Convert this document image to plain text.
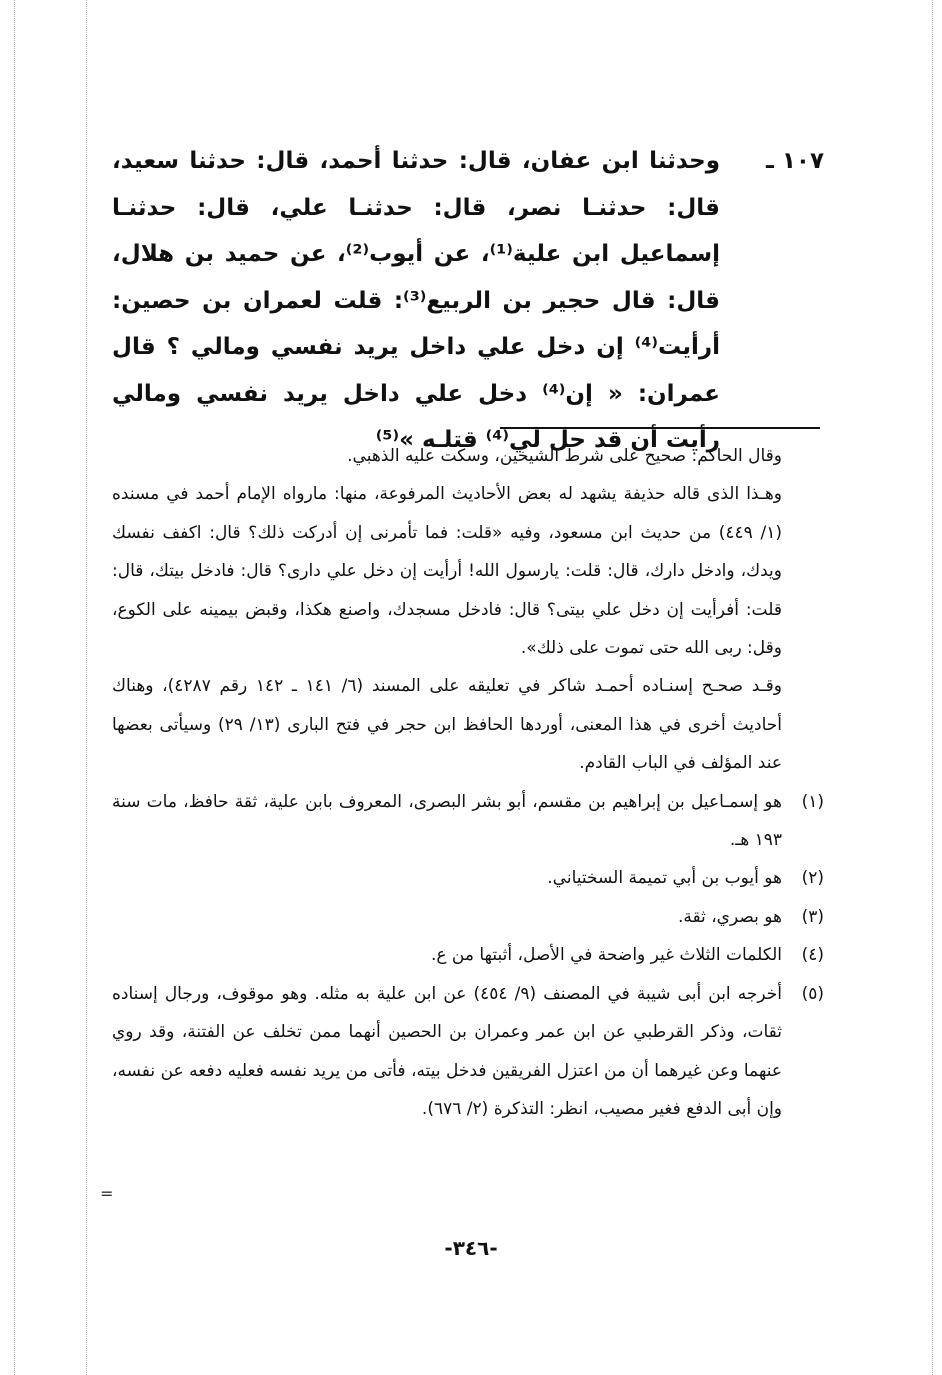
١٠٧ ـ
وحدثنا ابن عفان، قال: حدثنا أحمد، قال: حدثنا سعيد، قال: حدثنـا نصر، قال: حدثنـا علي، قال: حدثنـا إسماعيل ابن علية⁽¹⁾، عن أيوب⁽²⁾، عن حميد بن هلال، قال: قال حجير بن الربيع⁽³⁾: قلت لعمران بن حصين: أرأيت⁽⁴⁾ إن دخل علي داخل يريد نفسي ومالي ؟ قال عمران: « إن⁽⁴⁾ دخل علي داخل يريد نفسي ومالي رأيت أن قد حل لي⁽⁴⁾ قتلـه »⁽⁵⁾

وقال الحاكم: صحيح على شرط الشيخين، وسكت عليه الذهبي.

وهـذا الذى قاله حذيفة يشهد له بعض الأحاديث المرفوعة، منها: مارواه الإمام أحمد في مسنده (١/ ٤٤٩) من حديث ابن مسعود، وفيه «قلت: فما تأمرنى إن أدركت ذلك؟ قال: اكفف نفسك ويدك، وادخل دارك، قال: قلت: يارسول الله! أرأيت إن دخل علي دارى؟ قال: فادخل بيتك، قال: قلت: أفرأيت إن دخل علي بيتى؟ قال: فادخل مسجدك، واصنع هكذا، وقبض بيمينه على الكوع، وقل: ربى الله حتى تموت على ذلك».

وقـد صحـح إسنـاده أحمـد شاكر في تعليقه على المسند (٦/ ١٤١ ـ ١٤٢ رقم ٤٢٨٧)، وهناك أحاديث أخرى في هذا المعنى، أوردها الحافظ ابن حجر في فتح البارى (١٣/ ٢٩) وسيأتى بعضها عند المؤلف في الباب القادم.

(١)
هو إسمـاعيل بن إبراهيم بن مقسم، أبو بشر البصرى، المعروف بابن علية، ثقة حافظ، مات سنة ١٩٣ هـ.
(٢)
هو أيوب بن أبي تميمة السختياني.
(٣)
هو بصري، ثقة.
(٤)
الكلمات الثلاث غير واضحة في الأصل، أثبتها من ع.
(٥)
أخرجه ابن أبى شيبة في المصنف (٩/ ٤٥٤) عن ابن علية به مثله. وهو موقوف، ورجال إسناده ثقات، وذكر القرطبي عن ابن عمر وعمران بن الحصين أنهما ممن تخلف عن الفتنة، وقد روي عنهما وعن غيرهما أن من اعتزل الفريقين فدخل بيته، فأتى من يريد نفسه فعليه دفعه عن نفسه، وإن أبى الدفع فغير مصيب، انظر: التذكرة (٢/ ٦٧٦).
=
-٣٤٦-
